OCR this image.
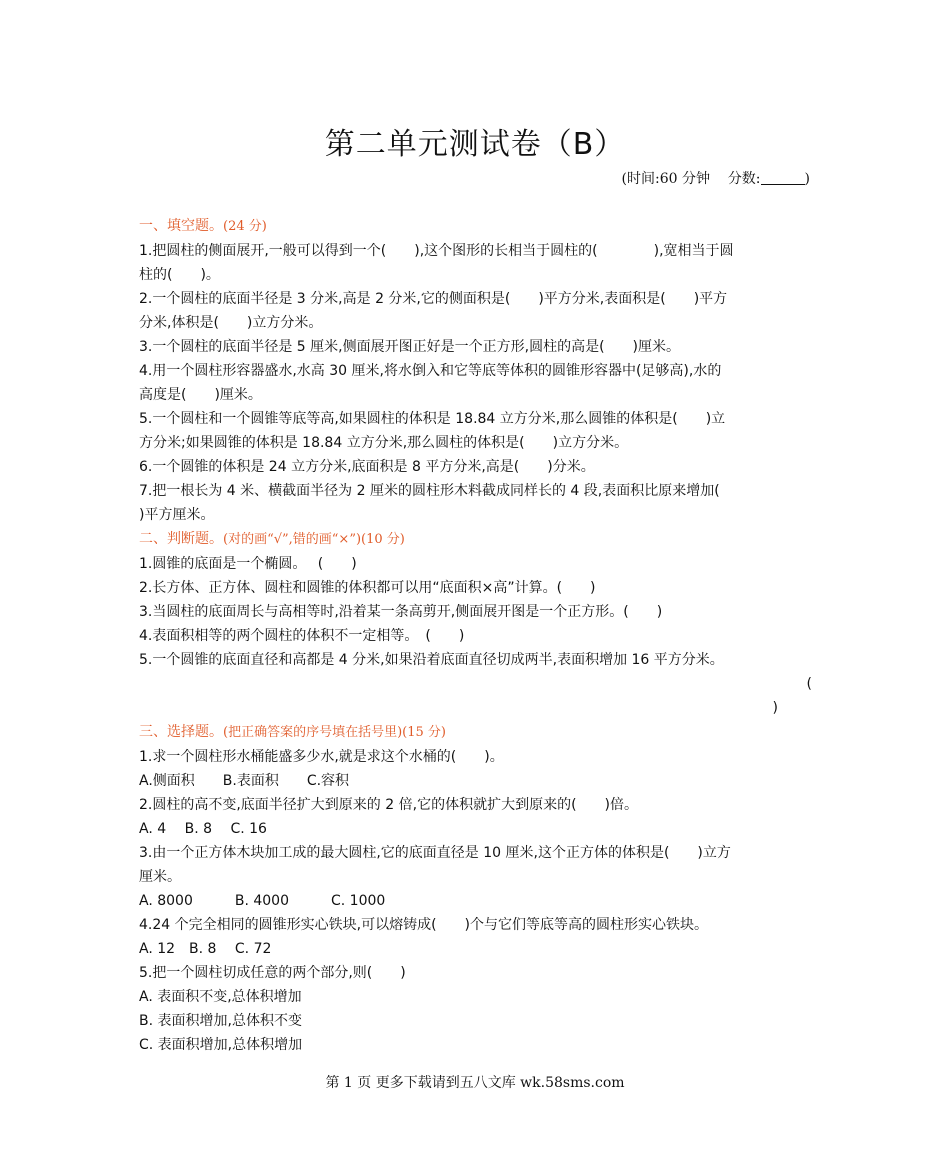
第二单元测试卷（B）
(时间:60 分钟 分数:	)
一、填空题。(24 分)
1.把圆柱的侧面展开,一般可以得到一个(　　),这个图形的长相当于圆柱的(　　　　),宽相当于圆
柱的(　　)。
2.一个圆柱的底面半径是 3 分米,高是 2 分米,它的侧面积是(　　)平方分米,表面积是(　　)平方
分米,体积是(　　)立方分米。
3.一个圆柱的底面半径是 5 厘米,侧面展开图正好是一个正方形,圆柱的高是(　　)厘米。
4.用一个圆柱形容器盛水,水高 30 厘米,将水倒入和它等底等体积的圆锥形容器中(足够高),水的
高度是(　　)厘米。
5.一个圆柱和一个圆锥等底等高,如果圆柱的体积是 18.84 立方分米,那么圆锥的体积是(　　)立
方分米;如果圆锥的体积是 18.84 立方分米,那么圆柱的体积是(　　)立方分米。
6.一个圆锥的体积是 24 立方分米,底面积是 8 平方分米,高是(　　)分米。
7.把一根长为 4 米、横截面半径为 2 厘米的圆柱形木料截成同样长的 4 段,表面积比原来增加(
)平方厘米。
二、判断题。(对的画“√”,错的画“×”)(10 分)
1.圆锥的底面是一个椭圆。　 (　　)
2.长方体、正方体、圆柱和圆锥的体积都可以用“底面积×高”计算。(　　)
3.当圆柱的底面周长与高相等时,沿着某一条高剪开,侧面展开图是一个正方形。(　　)
4.表面积相等的两个圆柱的体积不一定相等。　(　　)
5.一个圆锥的底面直径和高都是 4 分米,如果沿着底面直径切成两半,表面积增加 16 平方分米。
(
)
三、选择题。(把正确答案的序号填在括号里)(15 分)
1.求一个圆柱形水桶能盛多少水,就是求这个水桶的(　　)。
A.侧面积　　B.表面积　　C.容积
2.圆柱的高不变,底面半径扩大到原来的 2 倍,它的体积就扩大到原来的(　　)倍。
A. 4　 B. 8　 C. 16
3.由一个正方体木块加工成的最大圆柱,它的底面直径是 10 厘米,这个正方体的体积是(　　)立方
厘米。
A. 8000　　　B. 4000　　　C. 1000
4.24 个完全相同的圆锥形实心铁块,可以熔铸成(　　)个与它们等底等高的圆柱形实心铁块。
A. 12　B. 8　 C. 72
5.把一个圆柱切成任意的两个部分,则(　　)
A. 表面积不变,总体积增加
B. 表面积增加,总体积不变
C. 表面积增加,总体积增加
第 1 页 更多下载请到五八文库 wk.58sms.com
